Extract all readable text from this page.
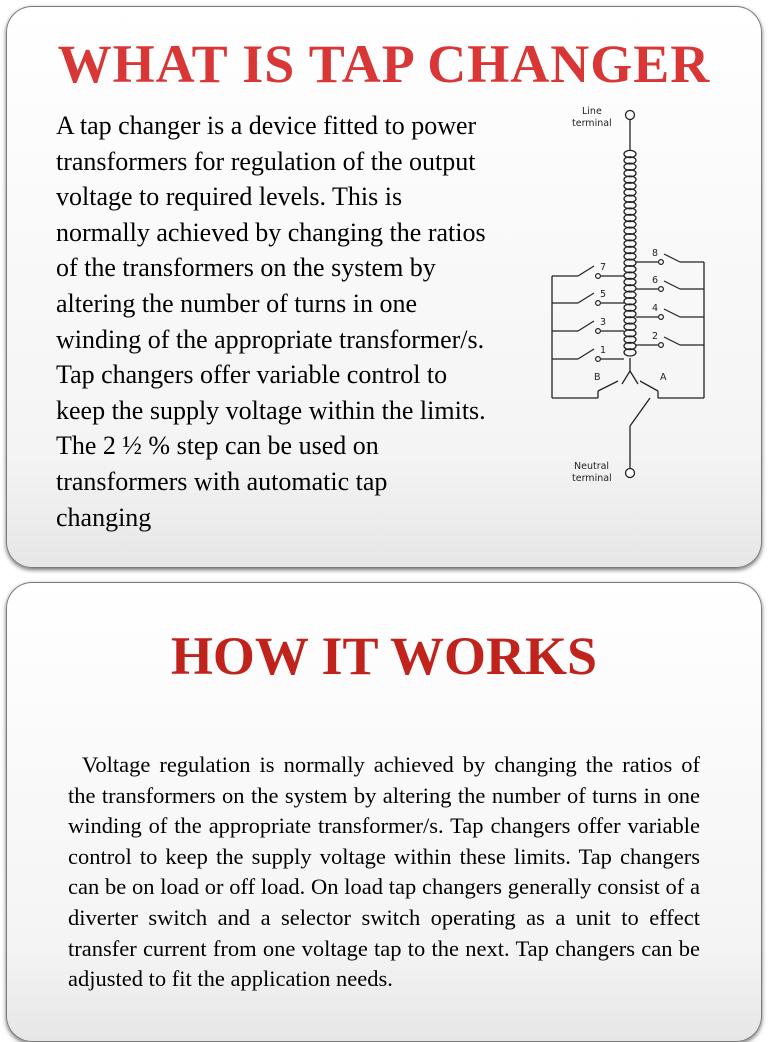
WHAT IS TAP CHANGER

A tap changer is a device fitted to power transformers for regulation of the output voltage to required levels. This is normally achieved by changing the ratios of the transformers on the system by altering the number of turns in one winding of the appropriate transformer/s. Tap changers offer variable control to keep the supply voltage within the limits. The 2 ½ % step can be used on transformers with automatic tap changing

Line
terminal
Neutral
terminal
B	A
7
5
3
1
8
6
4
2
HOW IT WORKS

Voltage regulation is normally achieved by changing the ratios of the transformers on the system by altering the number of turns in one winding of the appropriate transformer/s. Tap changers offer variable control to keep the supply voltage within these limits. Tap changers can be on load or off load. On load tap changers generally consist of a diverter switch and a selector switch operating as a unit to effect transfer current from one voltage tap to the next. Tap changers can be adjusted to fit the application needs.
